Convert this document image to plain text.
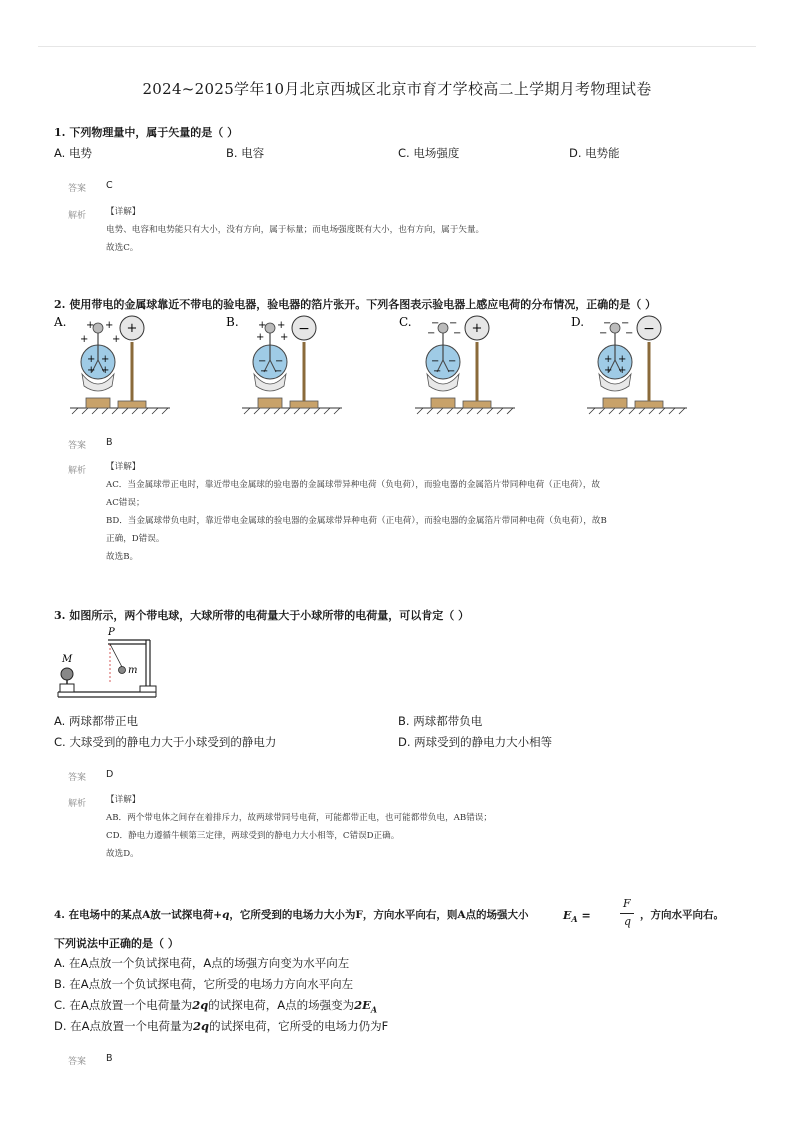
2024~2025学年10月北京西城区北京市育才学校高二上学期月考物理试卷
1. 下列物理量中，属于矢量的是（ ）
A. 电势	B. 电容	C. 电场强度	D. 电势能
答案 C
解析 【详解】
电势、电容和电势能只有大小，没有方向，属于标量；而电场强度既有大小，也有方向，属于矢量。
故选C。
2. 使用带电的金属球靠近不带电的验电器，验电器的箔片张开。下列各图表示验电器上感应电荷的分布情况，正确的是（ ）
A.	+
+ +
+ +
+ +
+ +
B.	−
+ +
+ +
− −
− −
C.	+
− −
− −
− −
− −
D.	−
− −
− −
+ +
+ +
答案 B
解析 【详解】
AC．当金属球带正电时，靠近带电金属球的验电器的金属球带异种电荷（负电荷），而验电器的金属箔片带同种电荷（正电荷），故
AC错误；
BD．当金属球带负电时，靠近带电金属球的验电器的金属球带异种电荷（正电荷），而验电器的金属箔片带同种电荷（负电荷），故B
正确，D错误。
故选B。
3. 如图所示，两个带电球，大球所带的电荷量大于小球所带的电荷量，可以肯定（ ）
M
P
m
A. 两球都带正电	B. 两球都带负电
C. 大球受到的静电力大于小球受到的静电力	D. 两球受到的静电力大小相等
答案 D
解析 【详解】
AB．两个带电体之间存在着排斥力，故两球带同号电荷，可能都带正电，也可能都带负电，AB错误；
CD．静电力遵循牛顿第三定律，两球受到的静电力大小相等，C错误D正确。
故选D。
4. 在电场中的某点A放一试探电荷+q，它所受到的电场力大小为F，方向水平向右，则A点的场强大小	$E_A$ =
F
q ，方向水平向右。
下列说法中正确的是（ ）
A. 在A点放一个负试探电荷，A点的场强方向变为水平向左
B. 在A点放一个负试探电荷，它所受的电场力方向水平向左
C. 在A点放置一个电荷量为2q的试探电荷，A点的场强变为$2E_A$
D. 在A点放置一个电荷量为2q的试探电荷，它所受的电场力仍为F
答案 B
